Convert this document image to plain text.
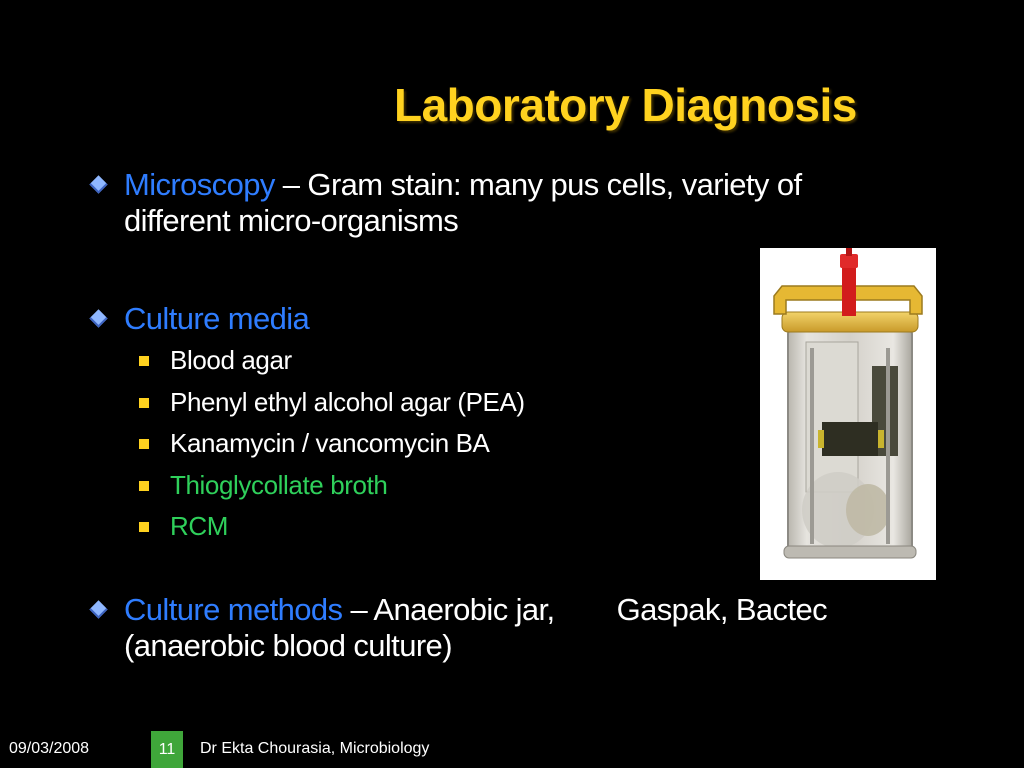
Laboratory Diagnosis
Microscopy – Gram stain: many pus cells, variety of
different micro-organisms
Culture media
Blood agar
Phenyl ethyl alcohol agar (PEA)
Kanamycin / vancomycin BA
Thioglycollate broth
RCM
Culture methods – Anaerobic jar, Gaspak, Bactec
(anaerobic blood culture)
09/03/2008	11	Dr Ekta Chourasia, Microbiology
